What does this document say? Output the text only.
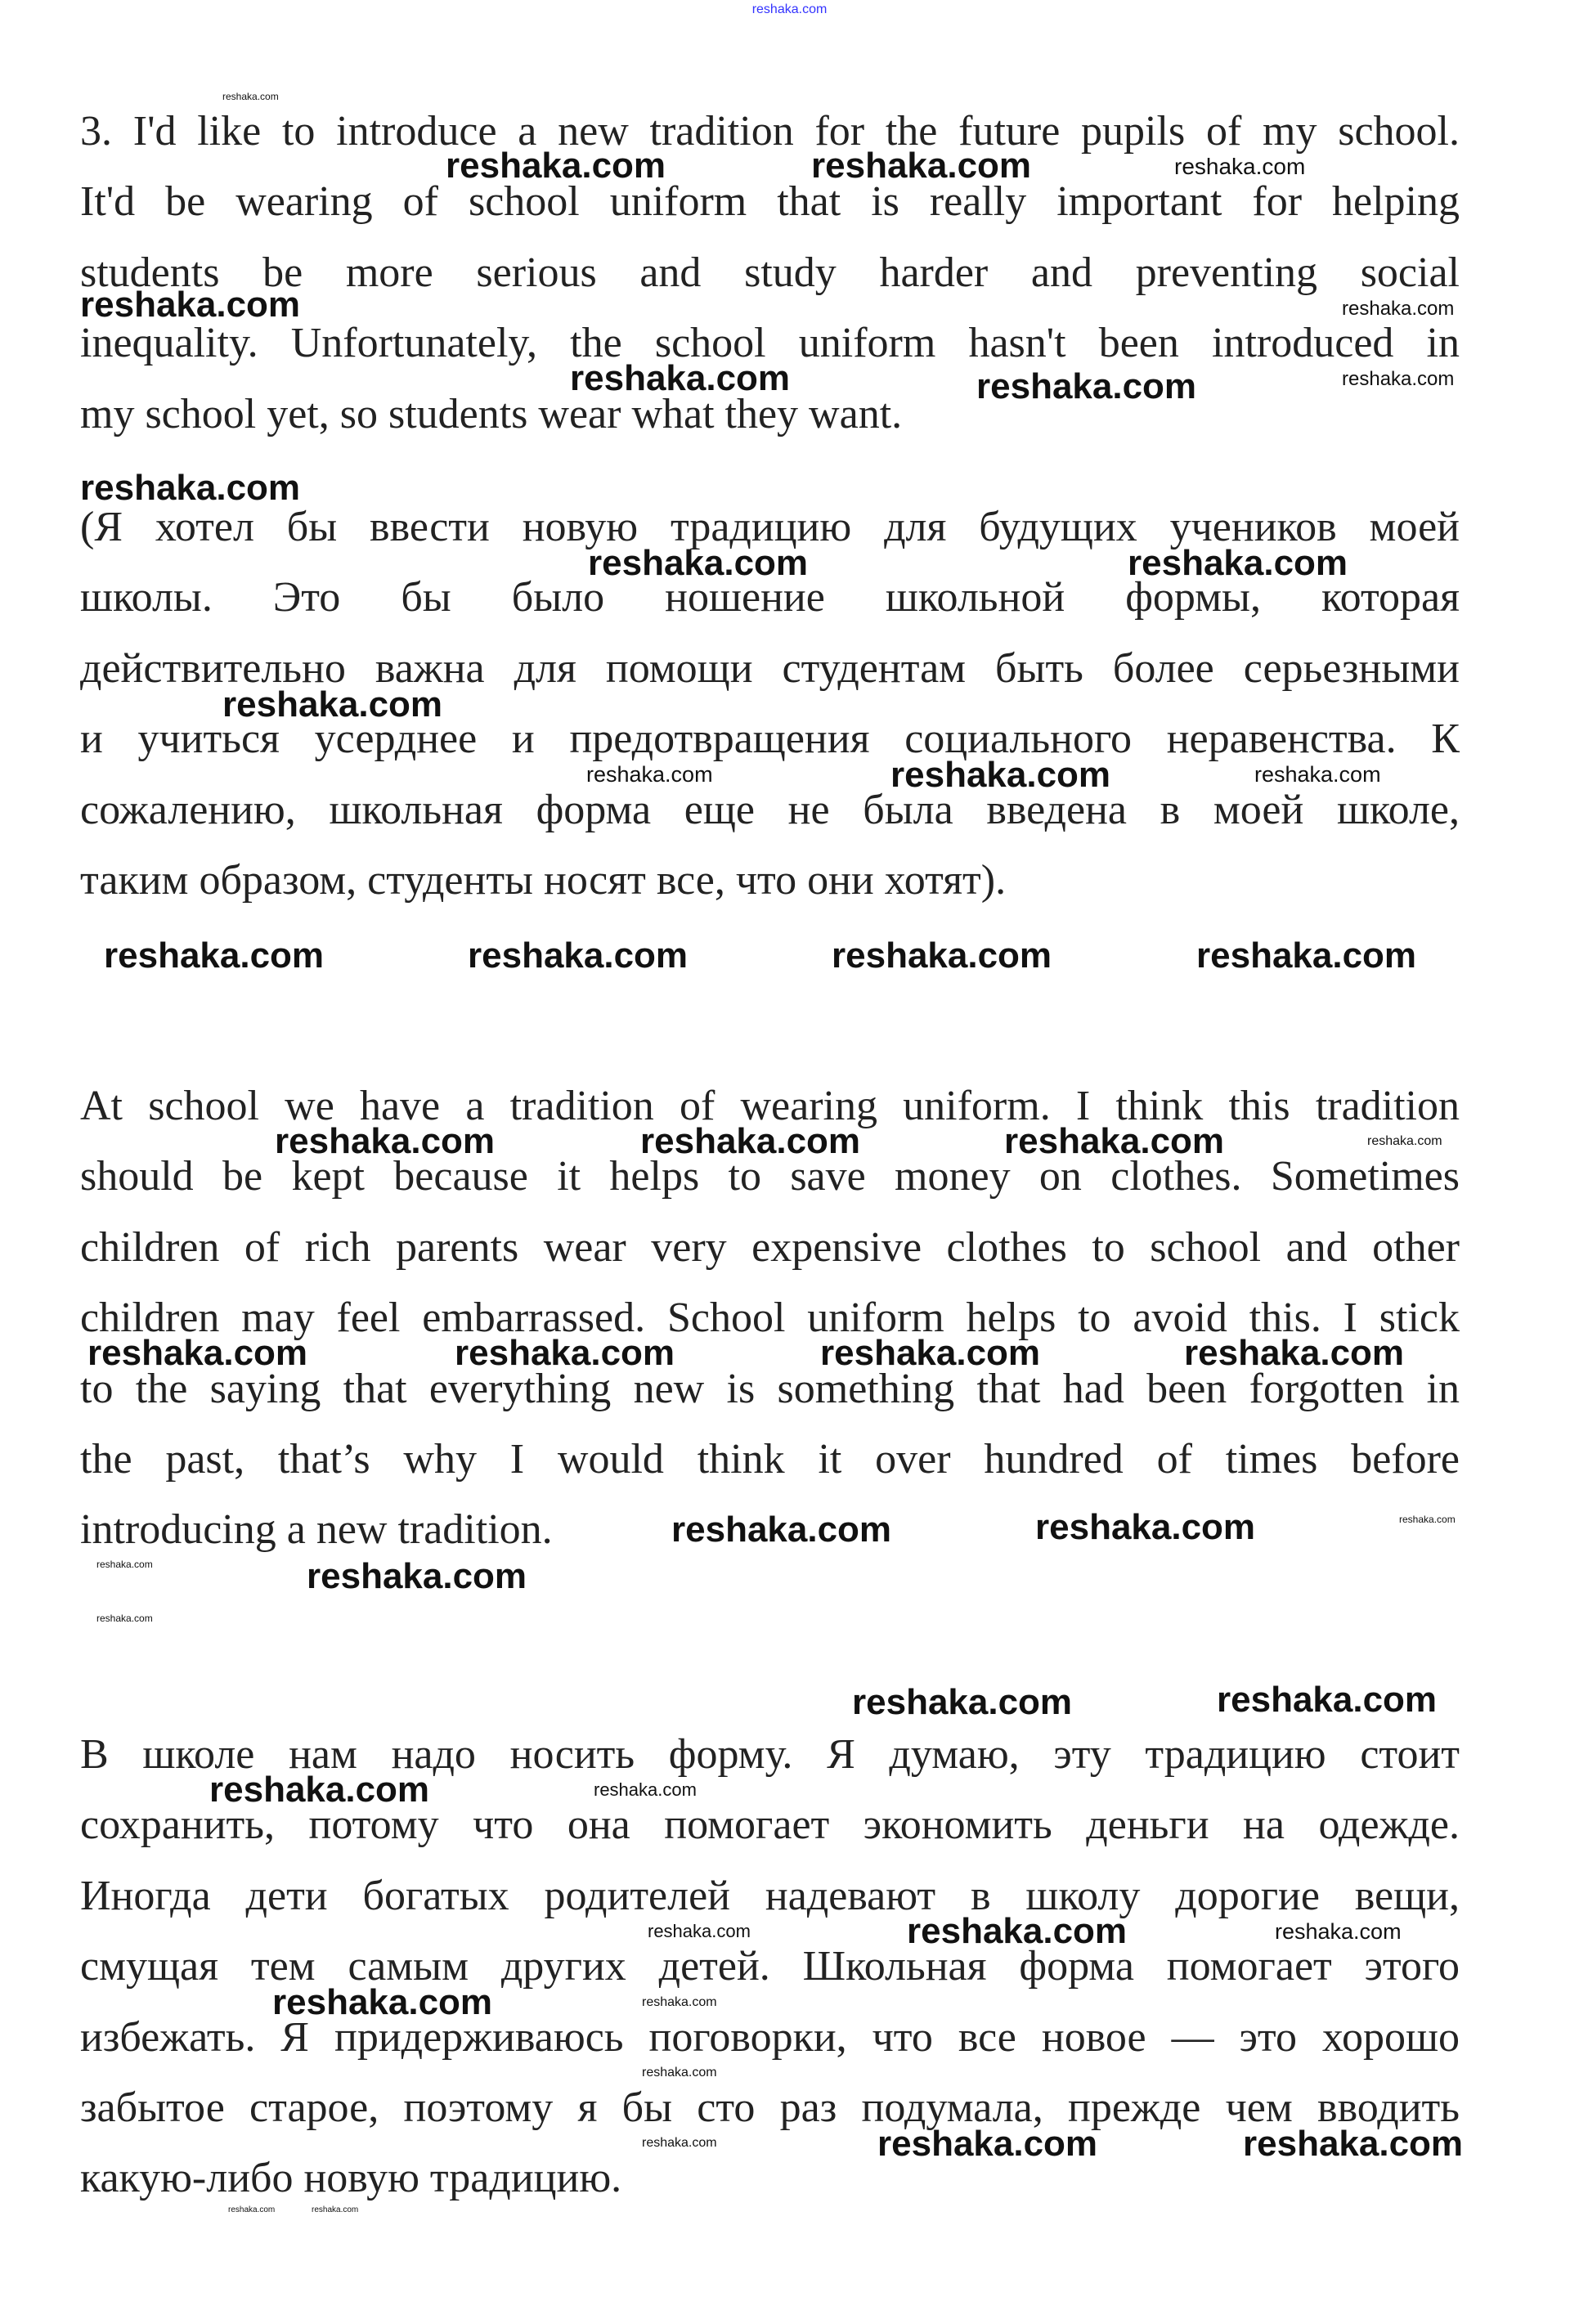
reshaka.com
3. I'd like to introduce a new tradition for the future pupils of my school.
It'd be wearing of school uniform that is really important for helping
students be more serious and study harder and preventing social
inequality. Unfortunately, the school uniform hasn't been introduced in
my school yet, so students wear what they want.
(Я хотел бы ввести новую традицию для будущих учеников моей
школы. Это бы было ношение школьной формы, которая
действительно важна для помощи студентам быть более серьезными
и учиться усерднее и предотвращения социального неравенства. К
сожалению, школьная форма еще не была введена в моей школе,
таким образом, студенты носят все, что они хотят).
At school we have a tradition of wearing uniform. I think this tradition
should be kept because it helps to save money on clothes. Sometimes
children of rich parents wear very expensive clothes to school and other
children may feel embarrassed. School uniform helps to avoid this. I stick
to the saying that everything new is something that had been forgotten in
the past, that’s why I would think it over hundred of times before
introducing a new tradition.
В школе нам надо носить форму. Я думаю, эту традицию стоит
сохранить, потому что она помогает экономить деньги на одежде.
Иногда дети богатых родителей надевают в школу дорогие вещи,
смущая тем самым других детей. Школьная форма помогает этого
избежать. Я придерживаюсь поговорки, что все новое — это хорошо
забытое старое, поэтому я бы сто раз подумала, прежде чем вводить
какую-либо новую традицию.
reshaka.com
reshaka.com	reshaka.com	reshaka.com
reshaka.com	reshaka.com
reshaka.com	reshaka.com	reshaka.com
reshaka.com
reshaka.com	reshaka.com
reshaka.com
reshaka.com	reshaka.com	reshaka.com
reshaka.com	reshaka.com	reshaka.com	reshaka.com
reshaka.com	reshaka.com	reshaka.com	reshaka.com
reshaka.com	reshaka.com	reshaka.com	reshaka.com
reshaka.com	reshaka.com	reshaka.com
reshaka.com	reshaka.com
reshaka.com
reshaka.com	reshaka.com
reshaka.com	reshaka.com
reshaka.com	reshaka.com	reshaka.com
reshaka.com	reshaka.com
reshaka.com
reshaka.com	reshaka.com	reshaka.com
reshaka.com	reshaka.com
